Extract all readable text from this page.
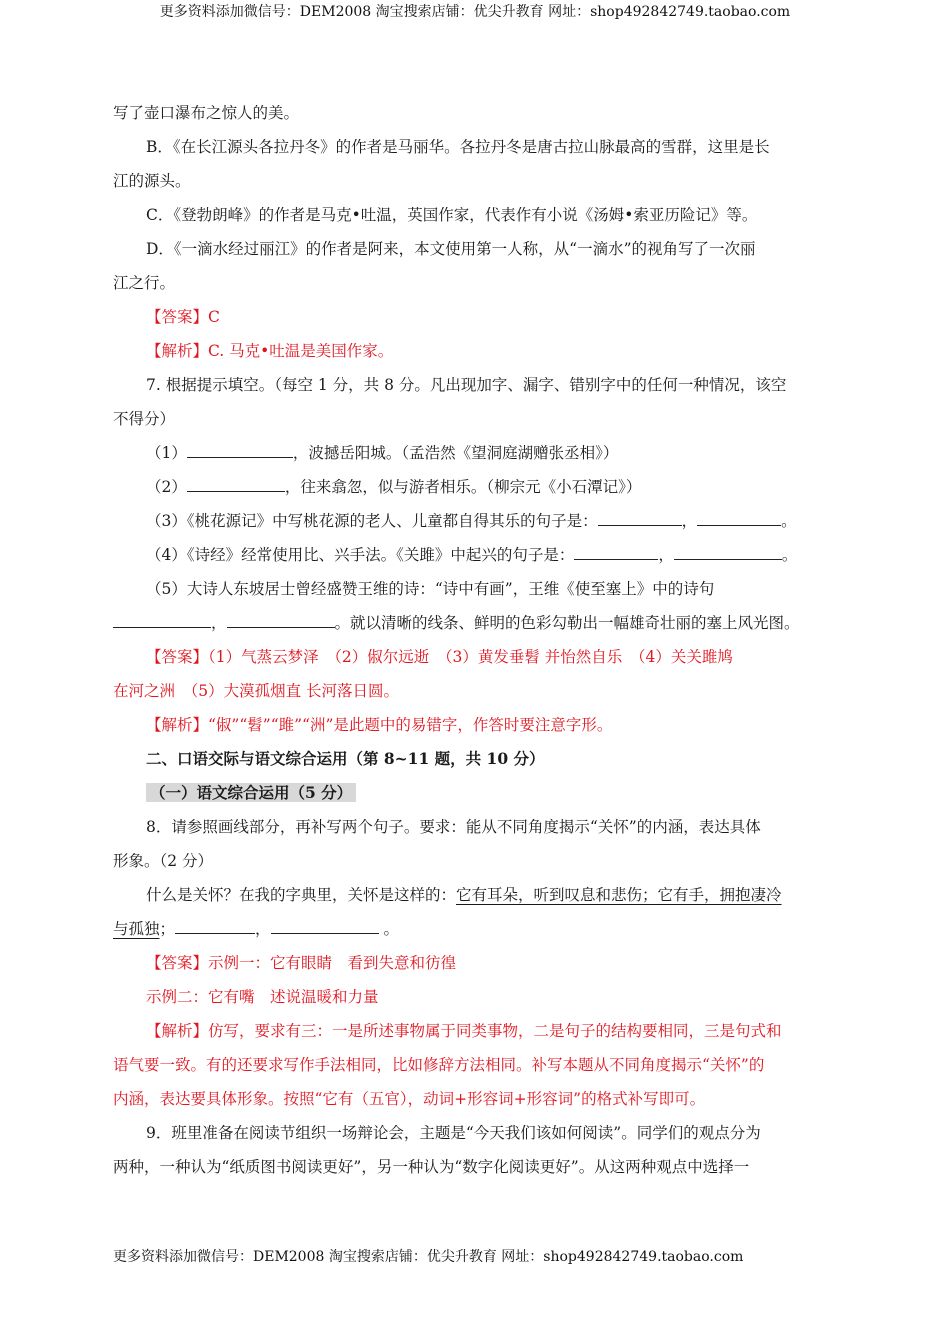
更多资料添加微信号：DEM2008 淘宝搜索店铺：优尖升教育 网址：shop492842749.taobao.com

写了壶口瀑布之惊人的美。

B．《在长江源头各拉丹冬》的作者是马丽华。各拉丹冬是唐古拉山脉最高的雪群，这里是长

江的源头。

C．《登勃朗峰》的作者是马克•吐温，英国作家，代表作有小说《汤姆•索亚历险记》等。

D．《一滴水经过丽江》的作者是阿来，本文使用第一人称，从“一滴水”的视角写了一次丽

江之行。

【答案】C

【解析】C. 马克•吐温是美国作家。

7. 根据提示填空。（每空 1 分，共 8 分。凡出现加字、漏字、错别字中的任何一种情况，该空

不得分）

（1）	，波撼岳阳城。（孟浩然《望洞庭湖赠张丞相》）

（2）	，往来翕忽，似与游者相乐。（柳宗元《小石潭记》）

（3）《桃花源记》中写桃花源的老人、儿童都自得其乐的句子是：	，	。

（4）《诗经》经常使用比、兴手法。《关雎》中起兴的句子是：	，	。

（5）大诗人东坡居士曾经盛赞王维的诗：“诗中有画”，王维《使至塞上》中的诗句

，	。就以清晰的线条、鲜明的色彩勾勒出一幅雄奇壮丽的塞上风光图。

【答案】（1）气蒸云梦泽　（2）俶尔远逝　（3）黄发垂髫 并怡然自乐　（4）关关雎鸠

在河之洲　（5）大漠孤烟直 长河落日圆。

【解析】“俶”“髫”“雎”“洲”是此题中的易错字，作答时要注意字形。

二、口语交际与语文综合运用（第 8~11 题，共 10 分）

（一）语文综合运用（5 分）

8．请参照画线部分，再补写两个句子。要求：能从不同角度揭示“关怀”的内涵，表达具体

形象。（2 分）

什么是关怀？在我的字典里，关怀是这样的：它有耳朵，听到叹息和悲伤；它有手，拥抱凄冷

与孤独；	，	。

【答案】示例一：它有眼睛　看到失意和彷徨

示例二：它有嘴　述说温暖和力量

【解析】仿写，要求有三：一是所述事物属于同类事物，二是句子的结构要相同，三是句式和

语气要一致。有的还要求写作手法相同，比如修辞方法相同。补写本题从不同角度揭示“关怀”的

内涵，表达要具体形象。按照“它有（五官），动词+形容词+形容词”的格式补写即可。

9．班里准备在阅读节组织一场辩论会，主题是“今天我们该如何阅读”。同学们的观点分为

两种，一种认为“纸质图书阅读更好”，另一种认为“数字化阅读更好”。从这两种观点中选择一

更多资料添加微信号：DEM2008 淘宝搜索店铺：优尖升教育 网址：shop492842749.taobao.com
